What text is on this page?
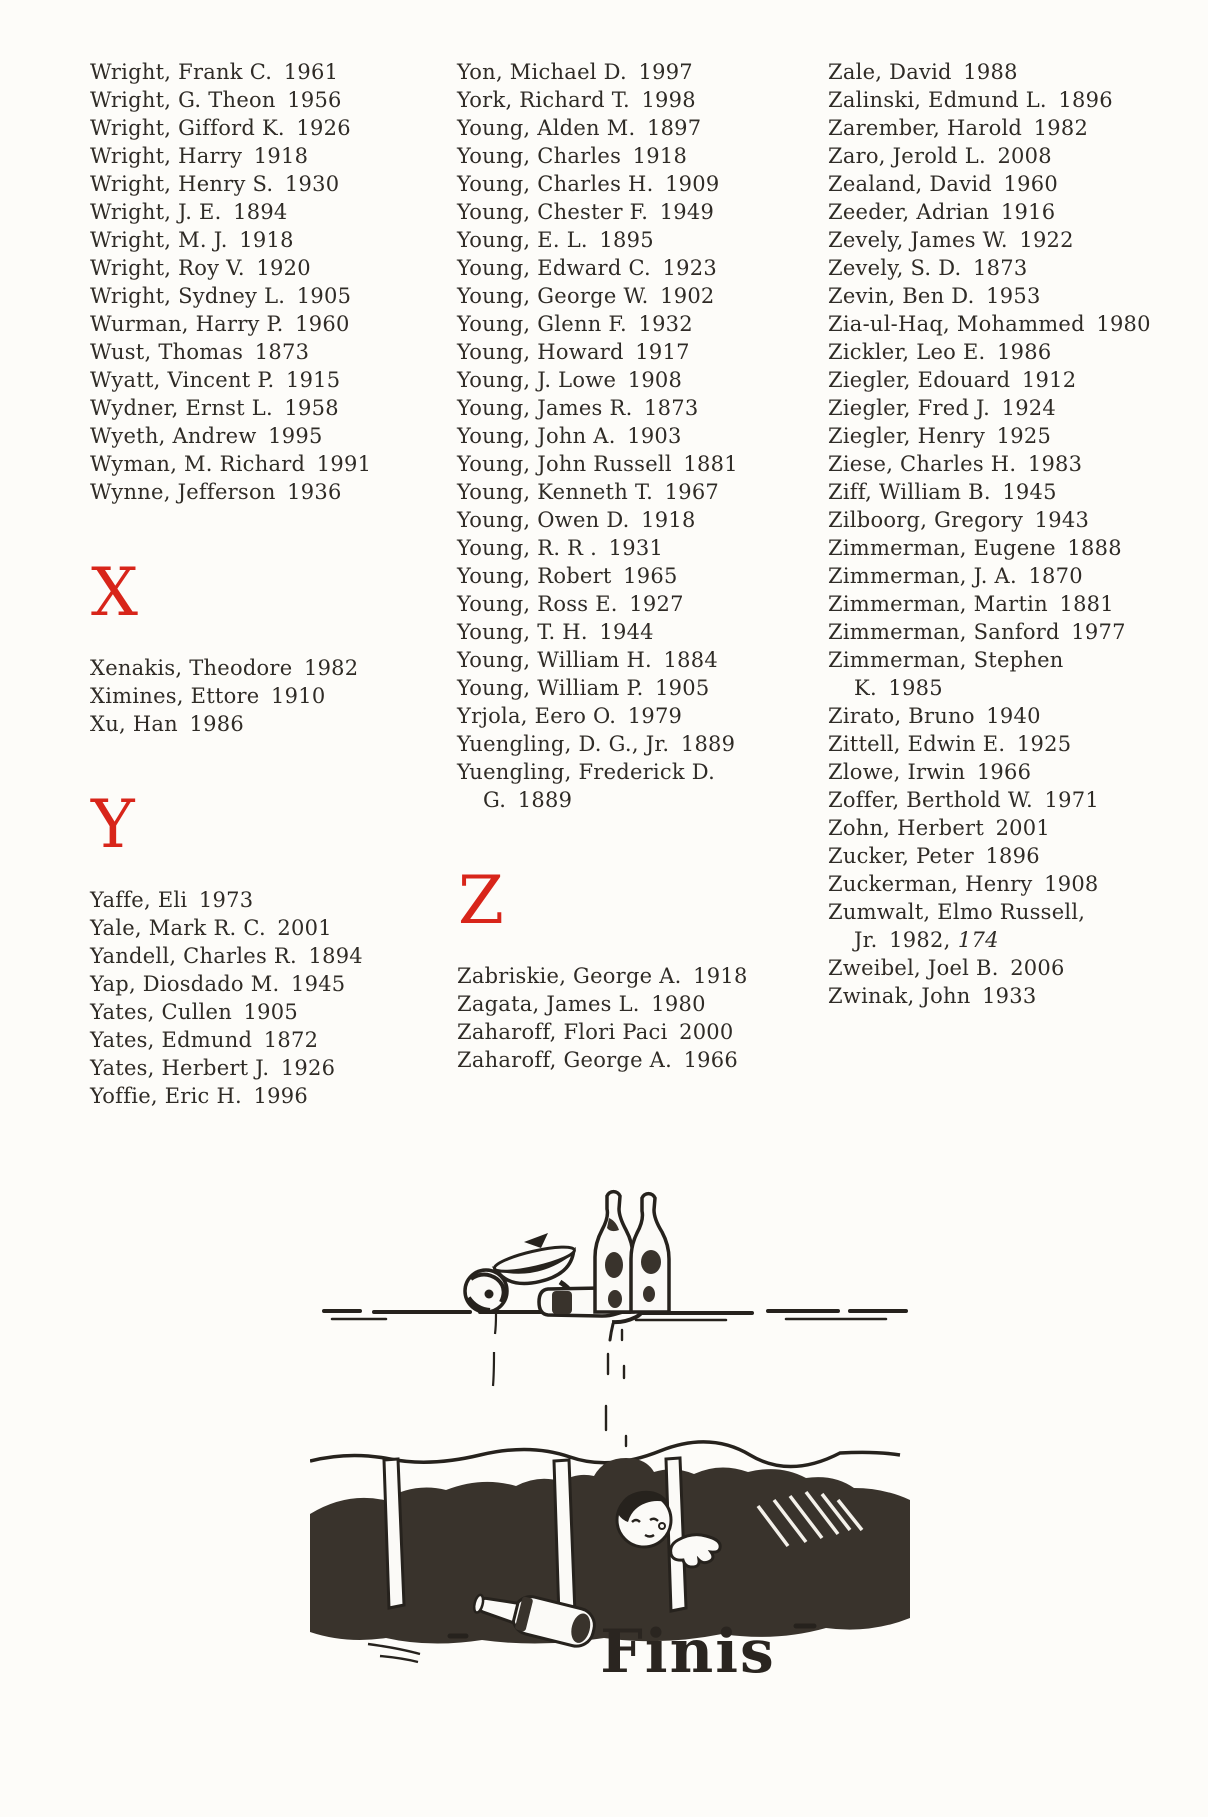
Wright, Frank C. 1961
Wright, G. Theon 1956
Wright, Gifford K. 1926
Wright, Harry 1918
Wright, Henry S. 1930
Wright, J. E. 1894
Wright, M. J. 1918
Wright, Roy V. 1920
Wright, Sydney L. 1905
Wurman, Harry P. 1960
Wust, Thomas 1873
Wyatt, Vincent P. 1915
Wydner, Ernst L. 1958
Wyeth, Andrew 1995
Wyman, M. Richard 1991
Wynne, Jefferson 1936
X
Xenakis, Theodore 1982
Ximines, Ettore 1910
Xu, Han 1986
Y
Yaffe, Eli 1973
Yale, Mark R. C. 2001
Yandell, Charles R. 1894
Yap, Diosdado M. 1945
Yates, Cullen 1905
Yates, Edmund 1872
Yates, Herbert J. 1926
Yoffie, Eric H. 1996
Yon, Michael D. 1997
York, Richard T. 1998
Young, Alden M. 1897
Young, Charles 1918
Young, Charles H. 1909
Young, Chester F. 1949
Young, E. L. 1895
Young, Edward C. 1923
Young, George W. 1902
Young, Glenn F. 1932
Young, Howard 1917
Young, J. Lowe 1908
Young, James R. 1873
Young, John A. 1903
Young, John Russell 1881
Young, Kenneth T. 1967
Young, Owen D. 1918
Young, R. R . 1931
Young, Robert 1965
Young, Ross E. 1927
Young, T. H. 1944
Young, William H. 1884
Young, William P. 1905
Yrjola, Eero O. 1979
Yuengling, D. G., Jr. 1889
Yuengling, Frederick D. G. 1889
Z
Zabriskie, George A. 1918
Zagata, James L. 1980
Zaharoff, Flori Paci 2000
Zaharoff, George A. 1966
Zale, David 1988
Zalinski, Edmund L. 1896
Zarember, Harold 1982
Zaro, Jerold L. 2008
Zealand, David 1960
Zeeder, Adrian 1916
Zevely, James W. 1922
Zevely, S. D. 1873
Zevin, Ben D. 1953
Zia-ul-Haq, Mohammed 1980
Zickler, Leo E. 1986
Ziegler, Edouard 1912
Ziegler, Fred J. 1924
Ziegler, Henry 1925
Ziese, Charles H. 1983
Ziff, William B. 1945
Zilboorg, Gregory 1943
Zimmerman, Eugene 1888
Zimmerman, J. A. 1870
Zimmerman, Martin 1881
Zimmerman, Sanford 1977
Zimmerman, Stephen K. 1985
Zirato, Bruno 1940
Zittell, Edwin E. 1925
Zlowe, Irwin 1966
Zoffer, Berthold W. 1971
Zohn, Herbert 2001
Zucker, Peter 1896
Zuckerman, Henry 1908
Zumwalt, Elmo Russell, Jr. 1982, 174
Zweibel, Joel B. 2006
Zwinak, John 1933
Finis
